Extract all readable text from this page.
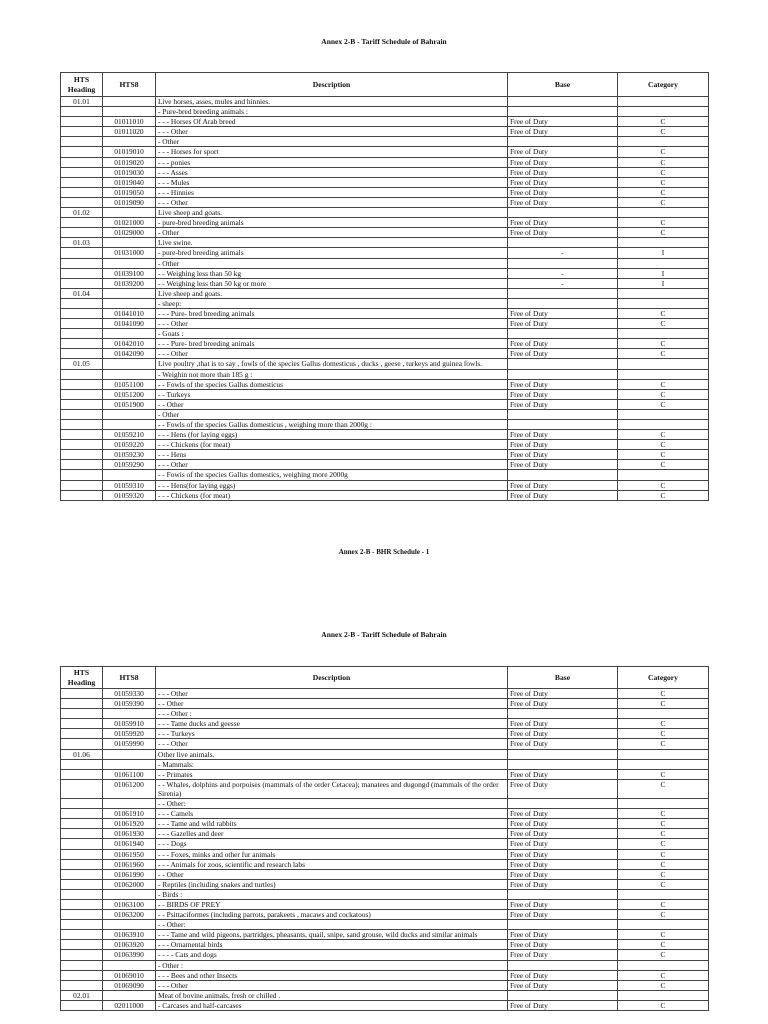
Annex 2-B - Tariff Schedule of Bahrain
HTS Heading	HTS8	Description	Base	Category
01.01		Live horses, asses, mules and hinnies.		
		- Pure-bred breeding animals :		
	01011010	- - - Horses Of Arab breed	Free of Duty	C
	01011020	- - - Other	Free of Duty	C
		- Other		
	01019010	- - - Horses for sport	Free of Duty	C
	01019020	- - - ponies	Free of Duty	C
	01019030	- - - Asses	Free of Duty	C
	01019040	- - - Mules	Free of Duty	C
	01019050	- - - Hinnies	Free of Duty	C
	01019090	- - - Other	Free of Duty	C
01.02		Live sheep and goats.		
	01021000	- pure-bred breeding animals	Free of Duty	C
	01029000	- Other	Free of Duty	C
01.03		Live swine.		
	01031000	- pure-bred breeding animals	-	I
		- Other		
	01039100	- - Weighing less than 50 kg	-	I
	01039200	- - Weighing less than 50 kg or more	-	I
01.04		Live sheep and goats.		
		- sheep:		
	01041010	- - - Pure- bred breeding animals	Free of Duty	C
	01041090	- - - Other	Free of Duty	C
		- Goats :		
	01042010	- - - Pure- bred breeding animals	Free of Duty	C
	01042090	- - - Other	Free of Duty	C
01.05		Live poultry ,that is to say , fowls of the species Gallus domesticus , ducks , geese , turkeys and guinea fowls.		
		- Weighin not more than 185 g :		
	01051100	- - Fowls of the species Gallus domesticus	Free of Duty	C
	01051200	- - Turkeys	Free of Duty	C
	01051900	- - Other	Free of Duty	C
		- Other		
		- - Fowls of the species Gallus domesticus , weighing more than 2000g :		
	01059210	- - - Hens (for laying eggs)	Free of Duty	C
	01059220	- - - Chickens (for meat)	Free of Duty	C
	01059230	- - - Hens	Free of Duty	C
	01059290	- - - Other	Free of Duty	C
		- - Fowis of the species Gallus domestics, weighing more 2000g		
	01059310	- - - Hens(for laying eggs)	Free of Duty	C
	01059320	- - - Chickens (for meat)	Free of Duty	C
Annex 2-B - BHR Schedule - 1
Annex 2-B - Tariff Schedule of Bahrain
HTS Heading	HTS8	Description	Base	Category
	01059330	- - - Other	Free of Duty	C
	01059390	- - Other	Free of Duty	C
		- - - Other :		
	01059910	- - - Tame ducks and geesse	Free of Duty	C
	01059920	- - - Turkeys	Free of Duty	C
	01059990	- - - Other	Free of Duty	C
01.06		Other live animals.		
		- Mammals:		
	01061100	- - Primates	Free of Duty	C
	01061200	- - Whales, dolphins and porpoises (mammals of the order Cetacea); manatees and dugongd (mammals of the order Sirenia)	Free of Duty	C
		- - Other:		
	01061910	- - - Camels	Free of Duty	C
	01061920	- - - Tame and wild rabbits	Free of Duty	C
	01061930	- - - Gazelles and deer	Free of Duty	C
	01061940	- - - Dogs	Free of Duty	C
	01061950	- - - Foxes, minks and other fur animals	Free of Duty	C
	01061960	- - - Animals for zoos, scientific and research labs	Free of Duty	C
	01061990	- - Other	Free of Duty	C
	01062000	- Reptiles (including snakes and turtles)	Free of Duty	C
		- Birds :		
	01063100	- - BIRDS OF PREY	Free of Duty	C
	01063200	- - Psittaciformes (including parrots, parakeets , macaws and cockatoos)	Free of Duty	C
		- - Other:		
	01063910	- - - Tame and wild pigeons, partridges, pheasants, quail, snipe, sand grouse, wild ducks and similar animals	Free of Duty	C
	01063920	- - - Ornamental birds	Free of Duty	C
	01063990	- - - - Cats and dogs	Free of Duty	C
		- Other :		
	01069010	- - - Bees and other Insects	Free of Duty	C
	01069090	- - - Other	Free of Duty	C
02.01		Meat of bovine animals, fresh or chilled .		
	02011000	- Carcases and half-carcases	Free of Duty	C
